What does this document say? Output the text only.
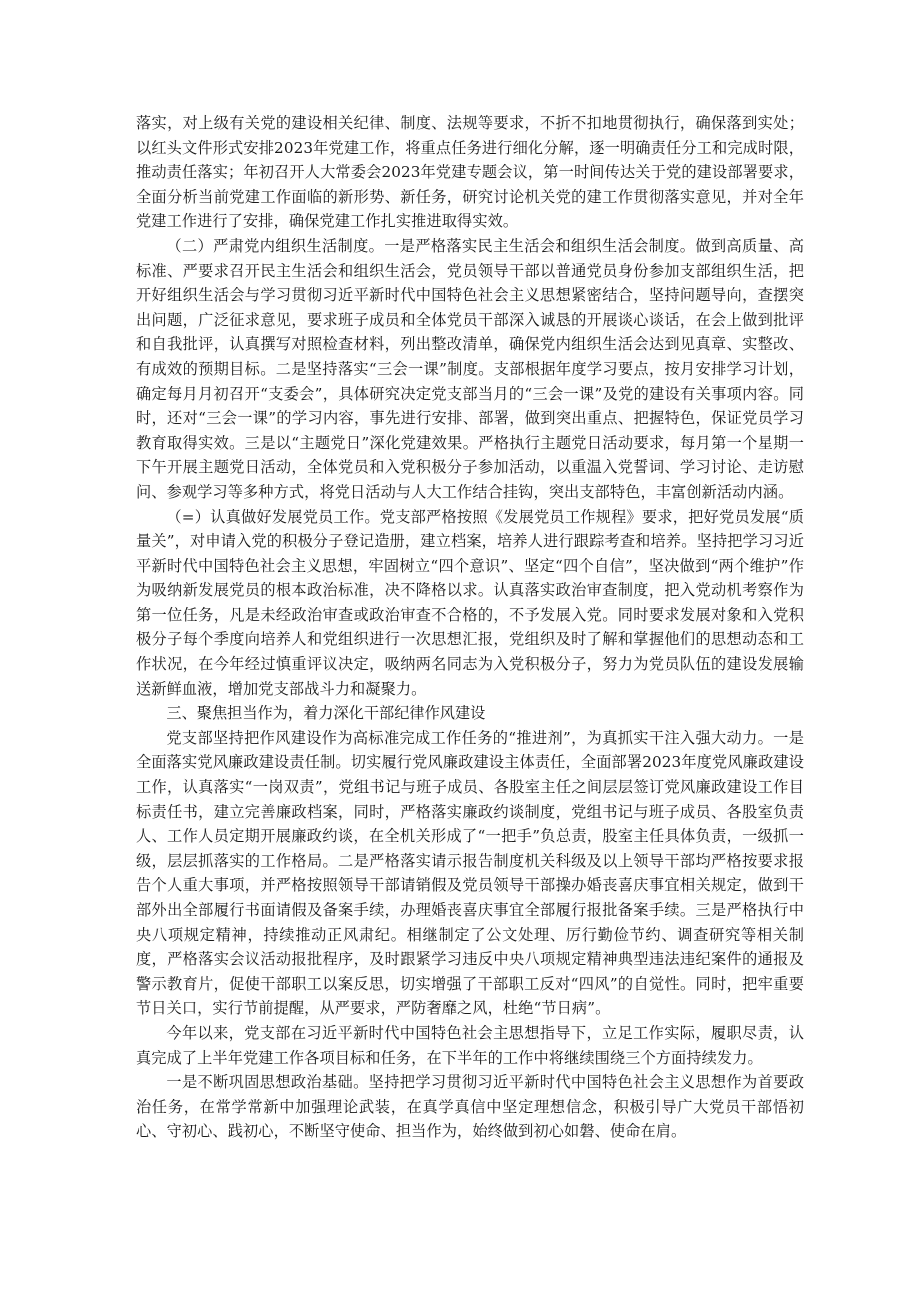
落实，对上级有关党的建设相关纪律、制度、法规等要求，不折不扣地贯彻执行，确保落到实处；以红头文件形式安排2023年党建工作，将重点任务进行细化分解，逐一明确责任分工和完成时限，推动责任落实；年初召开人大常委会2023年党建专题会议，第一时间传达关于党的建设部署要求，全面分析当前党建工作面临的新形势、新任务，研究讨论机关党的建工作贯彻落实意见，并对全年党建工作进行了安排，确保党建工作扎实推进取得实效。

（二）严肃党内组织生活制度。一是严格落实民主生活会和组织生活会制度。做到高质量、高标准、严要求召开民主生活会和组织生活会，党员领导干部以普通党员身份参加支部组织生活，把开好组织生活会与学习贯彻习近平新时代中国特色社会主义思想紧密结合，坚持问题导向，查摆突出问题，广泛征求意见，要求班子成员和全体党员干部深入诚恳的开展谈心谈话，在会上做到批评和自我批评，认真撰写对照检查材料，列出整改清单，确保党内组织生活会达到见真章、实整改、有成效的预期目标。二是坚持落实“三会一课”制度。支部根据年度学习要点，按月安排学习计划，确定每月月初召开“支委会”，具体研究决定党支部当月的“三会一课”及党的建设有关事项内容。同时，还对“三会一课”的学习内容，事先进行安排、部署，做到突出重点、把握特色，保证党员学习教育取得实效。三是以“主题党日”深化党建效果。严格执行主题党日活动要求，每月第一个星期一下午开展主题党日活动，全体党员和入党积极分子参加活动，以重温入党誓词、学习讨论、走访慰问、参观学习等多种方式，将党日活动与人大工作结合挂钩，突出支部特色，丰富创新活动内涵。

（=）认真做好发展党员工作。党支部严格按照《发展党员工作规程》要求，把好党员发展“质量关”，对申请入党的积极分子登记造册，建立档案，培养人进行跟踪考查和培养。坚持把学习习近平新时代中国特色社会主义思想，牢固树立“四个意识”、坚定“四个自信”，坚决做到“两个维护”作为吸纳新发展党员的根本政治标准，决不降格以求。认真落实政治审查制度，把入党动机考察作为第一位任务，凡是未经政治审查或政治审查不合格的，不予发展入党。同时要求发展对象和入党积极分子每个季度向培养人和党组织进行一次思想汇报，党组织及时了解和掌握他们的思想动态和工作状况，在今年经过慎重评议决定，吸纳两名同志为入党积极分子，努力为党员队伍的建设发展输送新鲜血液，增加党支部战斗力和凝聚力。

三、聚焦担当作为，着力深化干部纪律作风建设

党支部坚持把作风建设作为高标准完成工作任务的“推进剂”，为真抓实干注入强大动力。一是全面落实党风廉政建设责任制。切实履行党风廉政建设主体责任，全面部署2023年度党风廉政建设工作，认真落实“一岗双责”，党组书记与班子成员、各股室主任之间层层签订党风廉政建设工作目标责任书，建立完善廉政档案，同时，严格落实廉政约谈制度，党组书记与班子成员、各股室负责人、工作人员定期开展廉政约谈，在全机关形成了“一把手”负总责，股室主任具体负责，一级抓一级，层层抓落实的工作格局。二是严格落实请示报告制度机关科级及以上领导干部均严格按要求报告个人重大事项，并严格按照领导干部请销假及党员领导干部操办婚丧喜庆事宜相关规定，做到干部外出全部履行书面请假及备案手续，办理婚丧喜庆事宜全部履行报批备案手续。三是严格执行中央八项规定精神，持续推动正风肃纪。相继制定了公文处理、厉行勤俭节约、调查研究等相关制度，严格落实会议活动报批程序，及时跟紧学习违反中央八项规定精神典型违法违纪案件的通报及警示教育片，促使干部职工以案反思，切实增强了干部职工反对“四风”的自觉性。同时，把牢重要节日关口，实行节前提醒，从严要求，严防奢靡之风，杜绝“节日病”。

今年以来，党支部在习近平新时代中国特色社会主思想指导下，立足工作实际，履职尽责，认真完成了上半年党建工作各项目标和任务，在下半年的工作中将继续围绕三个方面持续发力。

一是不断巩固思想政治基础。坚持把学习贯彻习近平新时代中国特色社会主义思想作为首要政治任务，在常学常新中加强理论武装，在真学真信中坚定理想信念，积极引导广大党员干部悟初心、守初心、践初心，不断坚守使命、担当作为，始终做到初心如磐、使命在肩。
